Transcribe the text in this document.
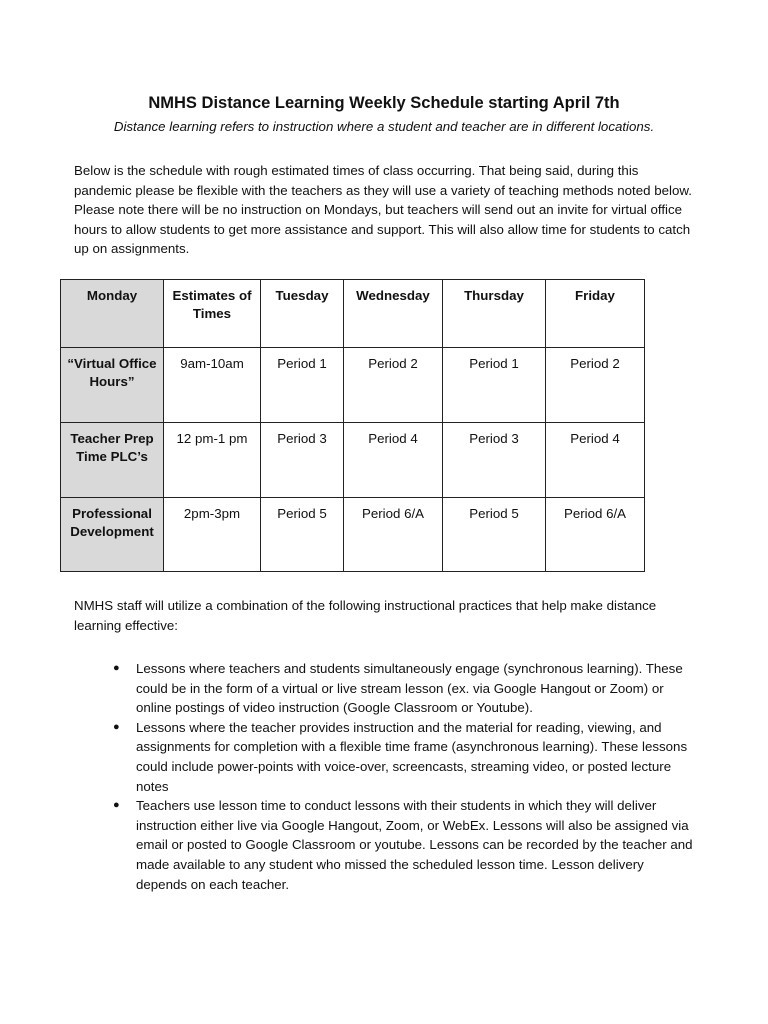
NMHS Distance Learning Weekly Schedule starting April 7th
Distance learning refers to instruction where a student and teacher are in different locations.

Below is the schedule with rough estimated times of class occurring. That being said, during this pandemic please be flexible with the teachers as they will use a variety of teaching methods noted below. Please note there will be no instruction on Mondays, but teachers will send out an invite for virtual office hours to allow students to get more assistance and support. This will also allow time for students to catch up on assignments.

Monday	Estimates of Times	Tuesday	Wednesday	Thursday	Friday
“Virtual Office Hours”	9am-10am	Period 1	Period 2	Period 1	Period 2
Teacher Prep Time PLC’s	12 pm-1 pm	Period 3	Period 4	Period 3	Period 4
Professional Development	2pm-3pm	Period 5	Period 6/A	Period 5	Period 6/A

NMHS staff will utilize a combination of the following instructional practices that help make distance learning effective:

● Lessons where teachers and students simultaneously engage (synchronous learning). These could be in the form of a virtual or live stream lesson (ex. via Google Hangout or Zoom) or online postings of video instruction (Google Classroom or Youtube).
● Lessons where the teacher provides instruction and the material for reading, viewing, and assignments for completion with a flexible time frame (asynchronous learning). These lessons could include power-points with voice-over, screencasts, streaming video, or posted lecture notes
● Teachers use lesson time to conduct lessons with their students in which they will deliver instruction either live via Google Hangout, Zoom, or WebEx. Lessons will also be assigned via email or posted to Google Classroom or youtube. Lessons can be recorded by the teacher and made available to any student who missed the scheduled lesson time. Lesson delivery depends on each teacher.
